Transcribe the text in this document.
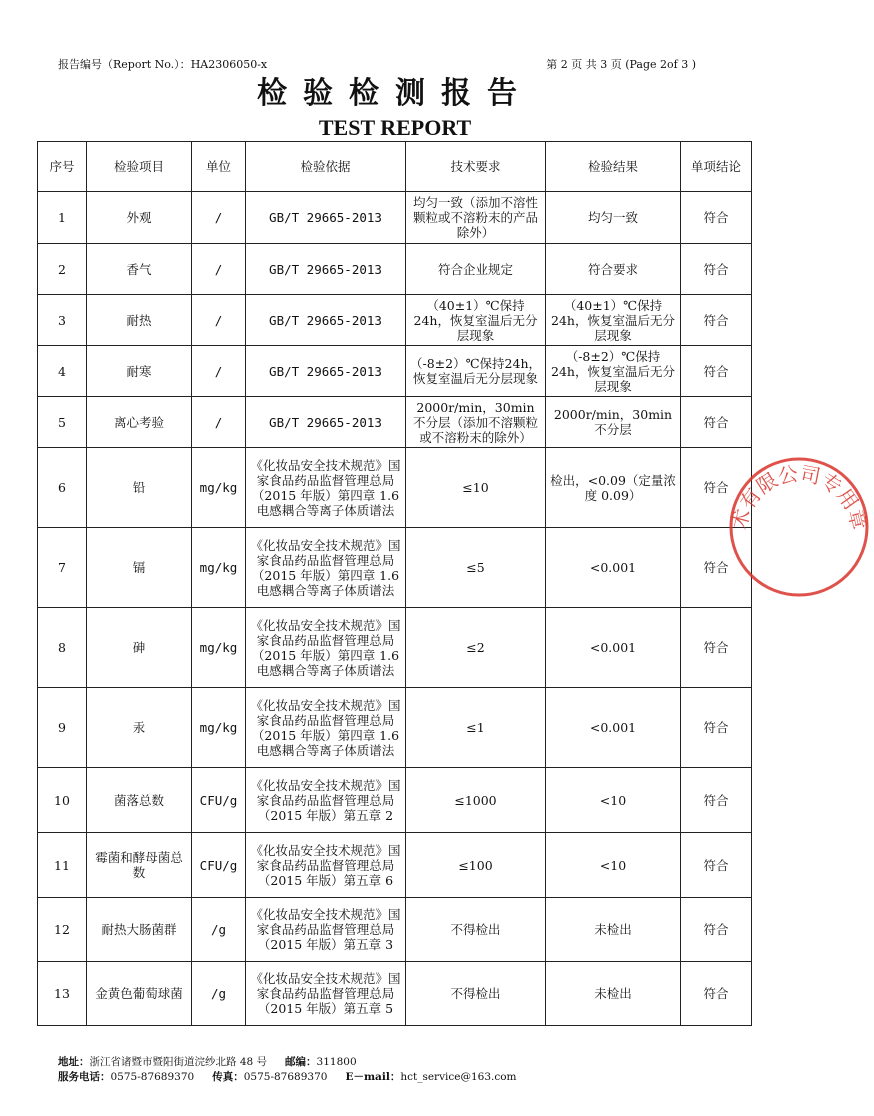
报告编号（Report No.）：HA2306050-x	第 2 页 共 3 页 (Page 2of 3 )
检验检测报告
TEST REPORT
序号	检验项目	单位	检验依据	技术要求	检验结果	单项结论
1	外观	/	GB/T 29665-2013	均匀一致（添加不溶性颗粒或不溶粉末的产品除外）	均匀一致	符合
2	香气	/	GB/T 29665-2013	符合企业规定	符合要求	符合
3	耐热	/	GB/T 29665-2013	（40±1）℃保持24h，恢复室温后无分层现象	（40±1）℃保持24h，恢复室温后无分层现象	符合
4	耐寒	/	GB/T 29665-2013	（-8±2）℃保持24h，恢复室温后无分层现象	（-8±2）℃保持24h，恢复室温后无分层现象	符合
5	离心考验	/	GB/T 29665-2013	2000r/min，30min 不分层（添加不溶颗粒或不溶粉末的除外）	2000r/min，30min 不分层	符合
6	铅	mg/kg	《化妆品安全技术规范》国家食品药品监督管理总局（2015 年版）第四章 1.6 电感耦合等离子体质谱法	≤10	检出，<0.09（定量浓度 0.09）	符合
7	镉	mg/kg	《化妆品安全技术规范》国家食品药品监督管理总局（2015 年版）第四章 1.6 电感耦合等离子体质谱法	≤5	<0.001	符合
8	砷	mg/kg	《化妆品安全技术规范》国家食品药品监督管理总局（2015 年版）第四章 1.6 电感耦合等离子体质谱法	≤2	<0.001	符合
9	汞	mg/kg	《化妆品安全技术规范》国家食品药品监督管理总局（2015 年版）第四章 1.6 电感耦合等离子体质谱法	≤1	<0.001	符合
10	菌落总数	CFU/g	《化妆品安全技术规范》国家食品药品监督管理总局（2015 年版）第五章 2	≤1000	<10	符合
11	霉菌和酵母菌总数	CFU/g	《化妆品安全技术规范》国家食品药品监督管理总局（2015 年版）第五章 6	≤100	<10	符合
12	耐热大肠菌群	/g	《化妆品安全技术规范》国家食品药品监督管理总局（2015 年版）第五章 3	不得检出	未检出	符合
13	金黄色葡萄球菌	/g	《化妆品安全技术规范》国家食品药品监督管理总局（2015 年版）第五章 5	不得检出	未检出	符合
术有限公司专用章
地址：浙江省诸暨市暨阳街道浣纱北路 48 号 邮编：311800
服务电话：0575-87689370 传真：0575-87689370 E－mail：hct_service@163.com
